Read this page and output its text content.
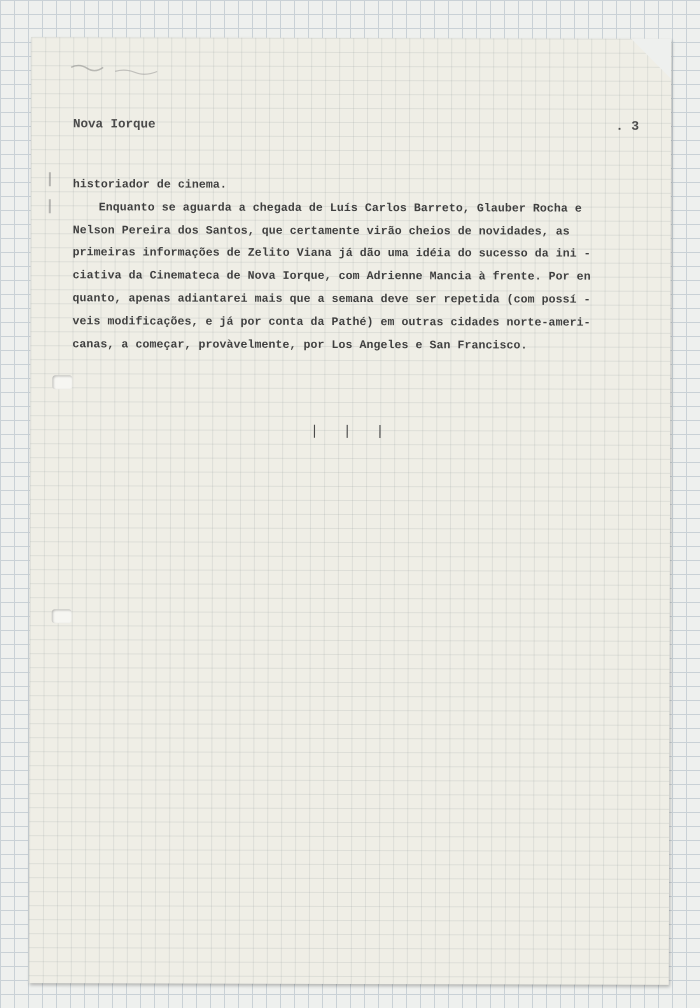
Nova Iorque	. 3
historiador de cinema.
Enquanto se aguarda a chegada de Luís Carlos Barreto, Glauber Rocha e
Nelson Pereira dos Santos, que certamente virão cheios de novidades, as
primeiras informações de Zelito Viana já dão uma idéia do sucesso da ini -
ciativa da Cinemateca de Nova Iorque, com Adrienne Mancia à frente. Por en
quanto, apenas adiantarei mais que a semana deve ser repetida (com possí -
veis modificações, e já por conta da Pathé) em outras cidades norte-ameri-
canas, a começar, provàvelmente, por Los Angeles e San Francisco.
| | |
